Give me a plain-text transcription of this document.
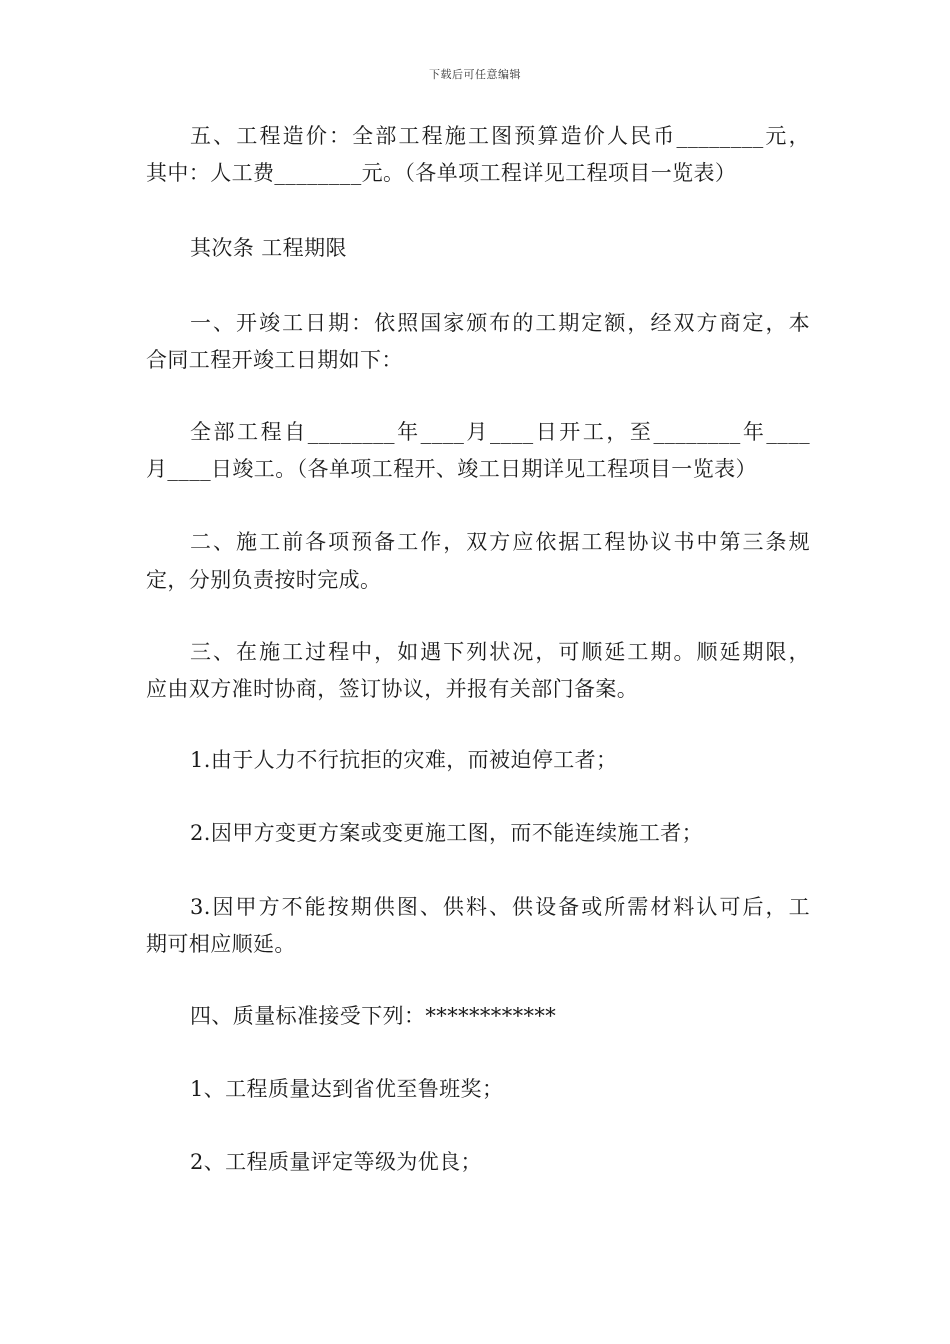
下载后可任意编辑
五、工程造价：全部工程施工图预算造价人民币________元，
其中：人工费________元。（各单项工程详见工程项目一览表）
其次条 工程期限
一、开竣工日期：依照国家颁布的工期定额，经双方商定，本
合同工程开竣工日期如下：
全部工程自________年____月____日开工，至________年____
月____日竣工。（各单项工程开、竣工日期详见工程项目一览表）
二、施工前各项预备工作，双方应依据工程协议书中第三条规
定，分别负责按时完成。
三、在施工过程中，如遇下列状况，可顺延工期。顺延期限，
应由双方准时协商，签订协议，并报有关部门备案。
1.由于人力不行抗拒的灾难，而被迫停工者；
2.因甲方变更方案或变更施工图，而不能连续施工者；
3.因甲方不能按期供图、供料、供设备或所需材料认可后，工
期可相应顺延。
四、质量标准接受下列：************
1、工程质量达到省优至鲁班奖；
2、工程质量评定等级为优良；
